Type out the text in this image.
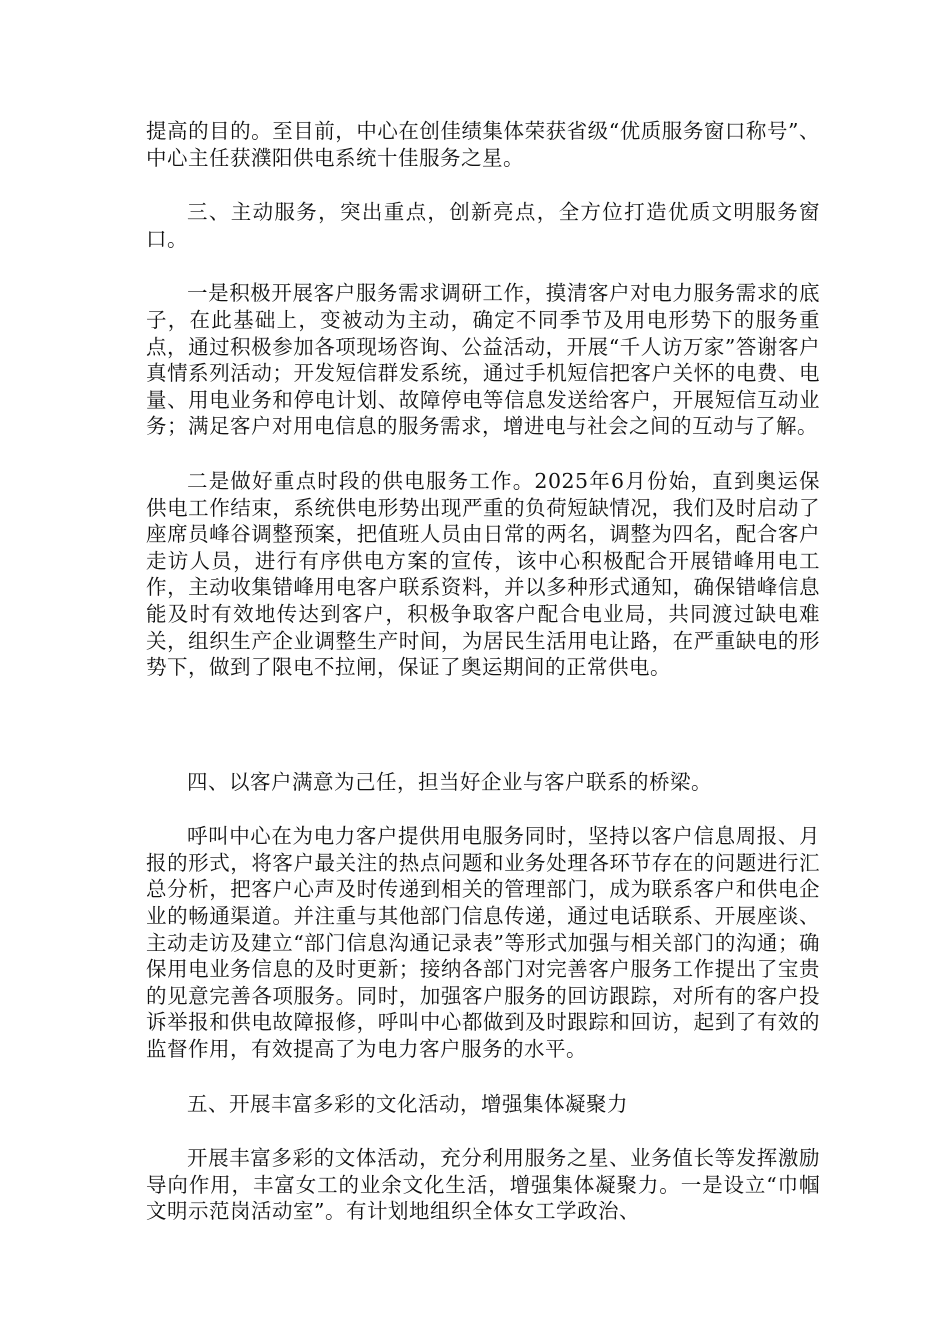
提高的目的。至目前，中心在创佳绩集体荣获省级“优质服务窗口称号”、中心主任获濮阳供电系统十佳服务之星。

三、主动服务，突出重点，创新亮点，全方位打造优质文明服务窗口。

一是积极开展客户服务需求调研工作，摸清客户对电力服务需求的底子，在此基础上，变被动为主动，确定不同季节及用电形势下的服务重点，通过积极参加各项现场咨询、公益活动，开展“千人访万家”答谢客户真情系列活动；开发短信群发系统，通过手机短信把客户关怀的电费、电量、用电业务和停电计划、故障停电等信息发送给客户，开展短信互动业务；满足客户对用电信息的服务需求，增进电与社会之间的互动与了解。

二是做好重点时段的供电服务工作。2025年6月份始，直到奥运保供电工作结束，系统供电形势出现严重的负荷短缺情况，我们及时启动了座席员峰谷调整预案，把值班人员由日常的两名，调整为四名，配合客户走访人员，进行有序供电方案的宣传，该中心积极配合开展错峰用电工作，主动收集错峰用电客户联系资料，并以多种形式通知，确保错峰信息能及时有效地传达到客户，积极争取客户配合电业局，共同渡过缺电难关，组织生产企业调整生产时间，为居民生活用电让路，在严重缺电的形势下，做到了限电不拉闸，保证了奥运期间的正常供电。

四、以客户满意为己任，担当好企业与客户联系的桥梁。

呼叫中心在为电力客户提供用电服务同时，坚持以客户信息周报、月报的形式，将客户最关注的热点问题和业务处理各环节存在的问题进行汇总分析，把客户心声及时传递到相关的管理部门，成为联系客户和供电企业的畅通渠道。并注重与其他部门信息传递，通过电话联系、开展座谈、主动走访及建立“部门信息沟通记录表”等形式加强与相关部门的沟通；确保用电业务信息的及时更新；接纳各部门对完善客户服务工作提出了宝贵的见意完善各项服务。同时，加强客户服务的回访跟踪，对所有的客户投诉举报和供电故障报修，呼叫中心都做到及时跟踪和回访，起到了有效的监督作用，有效提高了为电力客户服务的水平。

五、开展丰富多彩的文化活动，增强集体凝聚力

开展丰富多彩的文体活动，充分利用服务之星、业务值长等发挥激励导向作用，丰富女工的业余文化生活，增强集体凝聚力。一是设立“巾帼文明示范岗活动室”。有计划地组织全体女工学政治、
